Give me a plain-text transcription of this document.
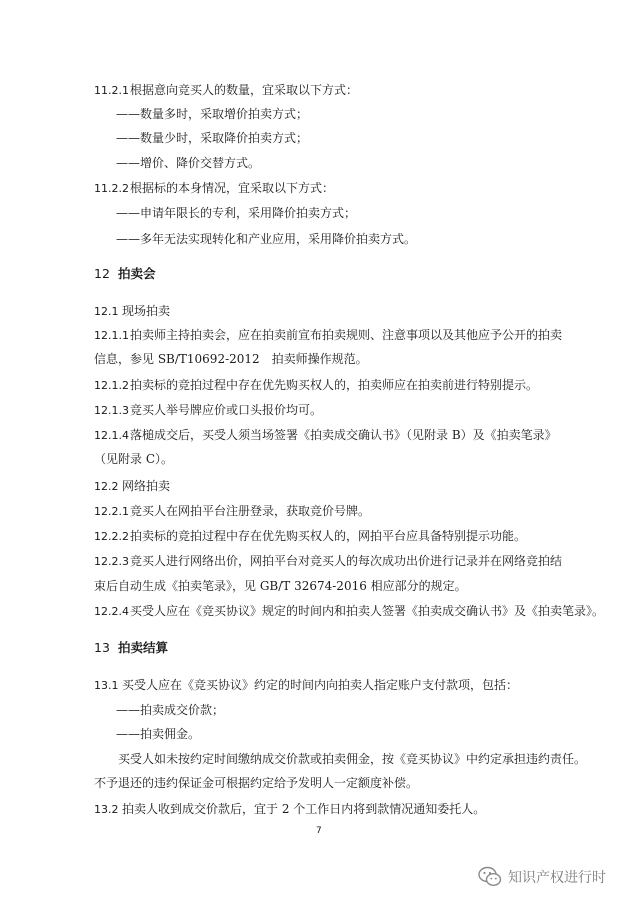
11.2.1根据意向竞买人的数量，宜采取以下方式：
——数量多时，采取增价拍卖方式；
——数量少时，采取降价拍卖方式；
——增价、降价交替方式。
11.2.2根据标的本身情况，宜采取以下方式：
——申请年限长的专利，采用降价拍卖方式；
——多年无法实现转化和产业应用，采用降价拍卖方式。
12 拍卖会
12.1 现场拍卖
12.1.1拍卖师主持拍卖会，应在拍卖前宣布拍卖规则、注意事项以及其他应予公开的拍卖
信息，参见 SB/T10692-2012　拍卖师操作规范。
12.1.2拍卖标的竞拍过程中存在优先购买权人的，拍卖师应在拍卖前进行特别提示。
12.1.3竞买人举号牌应价或口头报价均可。
12.1.4落槌成交后，买受人须当场签署《拍卖成交确认书》（见附录 B）及《拍卖笔录》
（见附录 C）。
12.2 网络拍卖
12.2.1竞买人在网拍平台注册登录，获取竞价号牌。
12.2.2拍卖标的竞拍过程中存在优先购买权人的，网拍平台应具备特别提示功能。
12.2.3竞买人进行网络出价，网拍平台对竞买人的每次成功出价进行记录并在网络竞拍结
束后自动生成《拍卖笔录》，见 GB/T 32674-2016 相应部分的规定。
12.2.4买受人应在《竞买协议》规定的时间内和拍卖人签署《拍卖成交确认书》及《拍卖笔录》。
13 拍卖结算
13.1 买受人应在《竞买协议》约定的时间内向拍卖人指定账户支付款项，包括：
——拍卖成交价款；
——拍卖佣金。
买受人如未按约定时间缴纳成交价款或拍卖佣金，按《竞买协议》中约定承担违约责任。
不予退还的违约保证金可根据约定给予发明人一定额度补偿。
13.2 拍卖人收到成交价款后，宜于 2 个工作日内将到款情况通知委托人。
7
知识产权进行时
